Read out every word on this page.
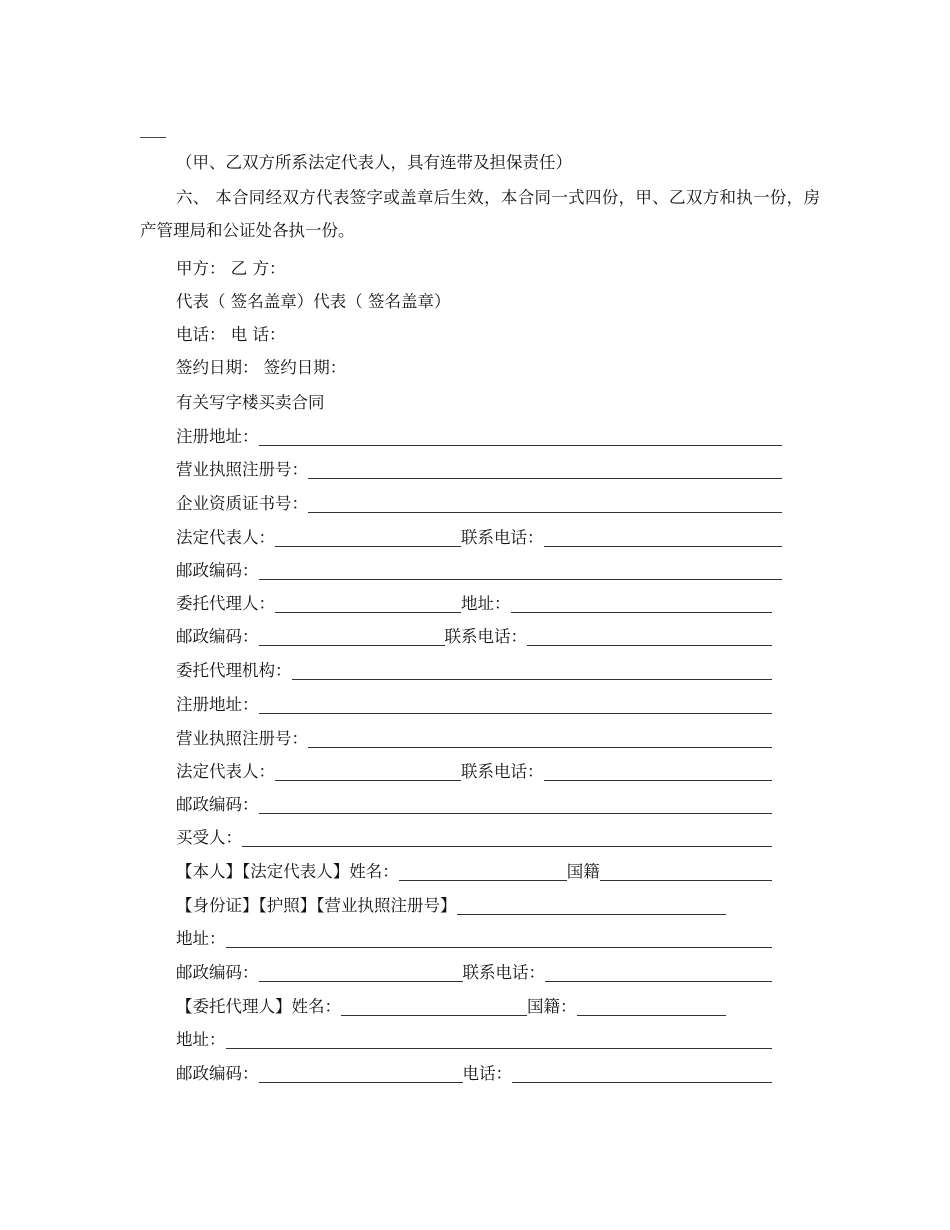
（甲、乙双方所系法定代表人，具有连带及担保责任）
六、 本合同经双方代表签字或盖章后生效，本合同一式四份，甲、乙双方和执一份，房产管理局和公证处各执一份。
甲方： 乙 方：
代表（ 签名盖章）代表（ 签名盖章）
电话： 电 话：
签约日期： 签约日期：
有关写字楼买卖合同
注册地址：
营业执照注册号：
企业资质证书号：
法定代表人：	联系电话：
邮政编码：
委托代理人：	地址：
邮政编码：	联系电话：
委托代理机构：
注册地址：
营业执照注册号：
法定代表人：	联系电话：
邮政编码：
买受人：
【本人】【法定代表人】姓名：	国籍
【身份证】【护照】【营业执照注册号】
地址：
邮政编码：	联系电话：
【委托代理人】姓名：	国籍：
地址：
邮政编码：	电话：
